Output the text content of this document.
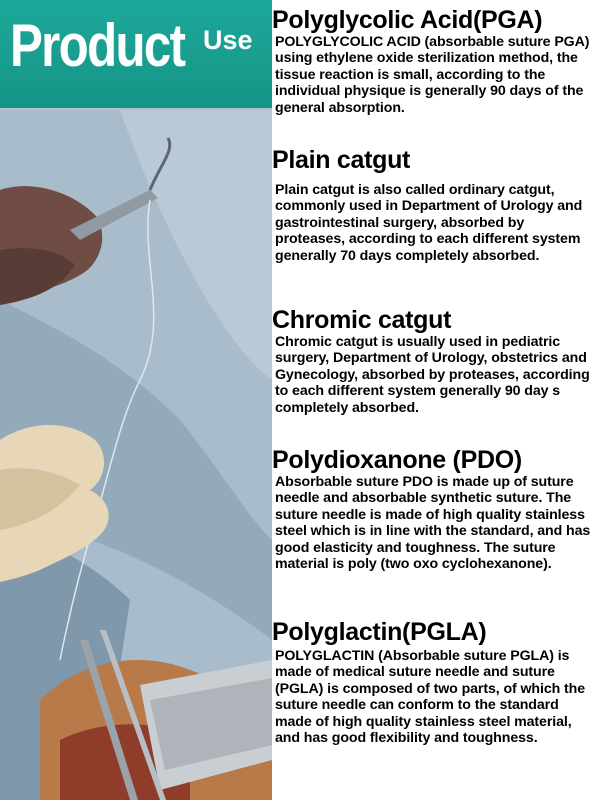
Product Use
Polyglycolic Acid(PGA)
POLYGLYCOLIC ACID (absorbable suture PGA) using ethylene oxide sterilization method, the tissue reaction is small, according to the individual physique is generally 90 days of the general absorption.
Plain catgut
Plain catgut is also called ordinary catgut, commonly used in Department of Urology and gastrointestinal surgery, absorbed by proteases, according to each different system generally 70 days completely absorbed.
Chromic catgut
Chromic catgut is usually used in pediatric surgery, Department of Urology, obstetrics and Gynecology, absorbed by proteases, according to each different system generally 90 day s completely absorbed.
Polydioxanone (PDO)
Absorbable suture PDO is made up of suture needle and absorbable synthetic suture. The suture needle is made of high quality stainless steel which is in line with the standard, and has good elasticity and toughness. The suture material is poly (two oxo cyclohexanone).
Polyglactin(PGLA)
POLYGLACTIN (Absorbable suture PGLA) is made of medical suture needle and suture (PGLA) is composed of two parts, of which the suture needle can conform to the standard made of high quality stainless steel material, and has good flexibility and toughness.
